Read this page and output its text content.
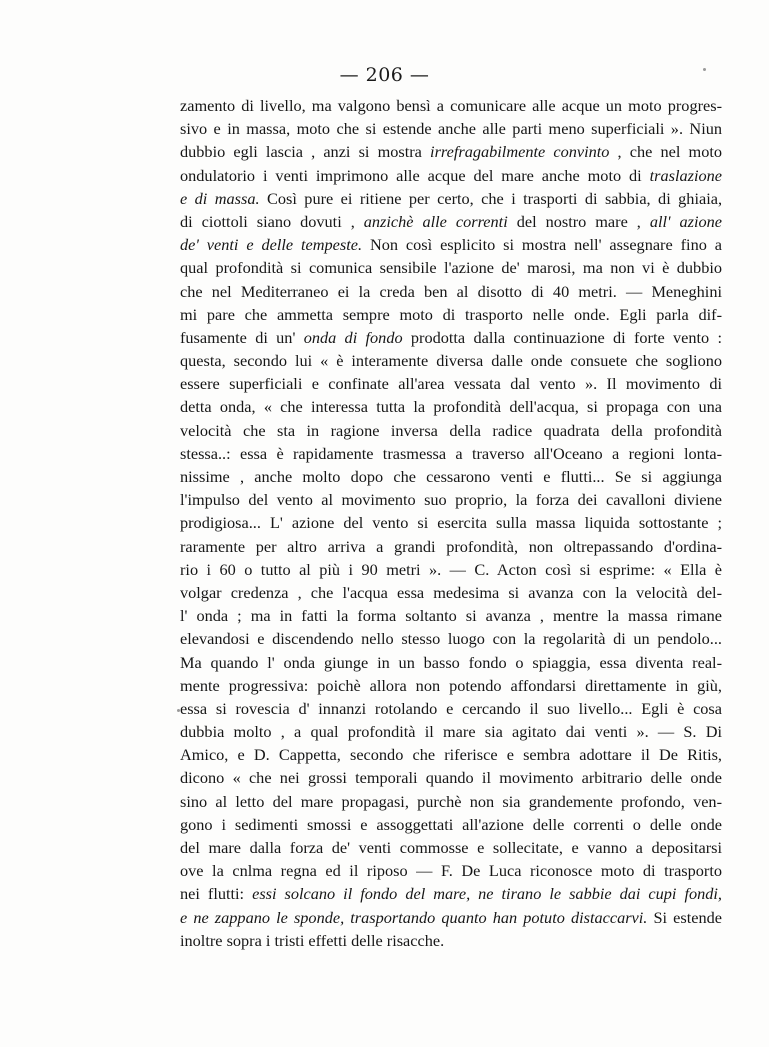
— 206 —
zamento di livello, ma valgono bensì a comunicare alle acque un moto progres-
sivo e in massa, moto che si estende anche alle parti meno superficiali ». Niun
dubbio egli lascia , anzi si mostra irrefragabilmente convinto , che nel moto
ondulatorio i venti imprimono alle acque del mare anche moto di traslazione
e di massa. Così pure ei ritiene per certo, che i trasporti di sabbia, di ghiaia,
di ciottoli siano dovuti , anzichè alle correnti del nostro mare , all' azione
de' venti e delle tempeste. Non così esplicito si mostra nell' assegnare fino a
qual profondità si comunica sensibile l'azione de' marosi, ma non vi è dubbio
che nel Mediterraneo ei la creda ben al disotto di 40 metri. — Meneghini
mi pare che ammetta sempre moto di trasporto nelle onde. Egli parla dif-
fusamente di un' onda di fondo prodotta dalla continuazione di forte vento :
questa, secondo lui « è interamente diversa dalle onde consuete che sogliono
essere superficiali e confinate all'area vessata dal vento ». Il movimento di
detta onda, « che interessa tutta la profondità dell'acqua, si propaga con una
velocità che sta in ragione inversa della radice quadrata della profondità
stessa..: essa è rapidamente trasmessa a traverso all'Oceano a regioni lonta-
nissime , anche molto dopo che cessarono venti e flutti... Se si aggiunga
l'impulso del vento al movimento suo proprio, la forza dei cavalloni diviene
prodigiosa... L' azione del vento si esercita sulla massa liquida sottostante ;
raramente per altro arriva a grandi profondità, non oltrepassando d'ordina-
rio i 60 o tutto al più i 90 metri ». — C. Acton così si esprime: « Ella è
volgar credenza , che l'acqua essa medesima si avanza con la velocità del-
l' onda ; ma in fatti la forma soltanto si avanza , mentre la massa rimane
elevandosi e discendendo nello stesso luogo con la regolarità di un pendolo...
Ma quando l' onda giunge in un basso fondo o spiaggia, essa diventa real-
mente progressiva: poichè allora non potendo affondarsi direttamente in giù,
essa si rovescia d' innanzi rotolando e cercando il suo livello... Egli è cosa
dubbia molto , a qual profondità il mare sia agitato dai venti ». — S. Di
Amico, e D. Cappetta, secondo che riferisce e sembra adottare il De Ritis,
dicono « che nei grossi temporali quando il movimento arbitrario delle onde
sino al letto del mare propagasi, purchè non sia grandemente profondo, ven-
gono i sedimenti smossi e assoggettati all'azione delle correnti o delle onde
del mare dalla forza de' venti commosse e sollecitate, e vanno a depositarsi
ove la cnlma regna ed il riposo — F. De Luca riconosce moto di trasporto
nei flutti: essi solcano il fondo del mare, ne tirano le sabbie dai cupi fondi,
e ne zappano le sponde, trasportando quanto han potuto distaccarvi. Si estende
inoltre sopra i tristi effetti delle risacche.
